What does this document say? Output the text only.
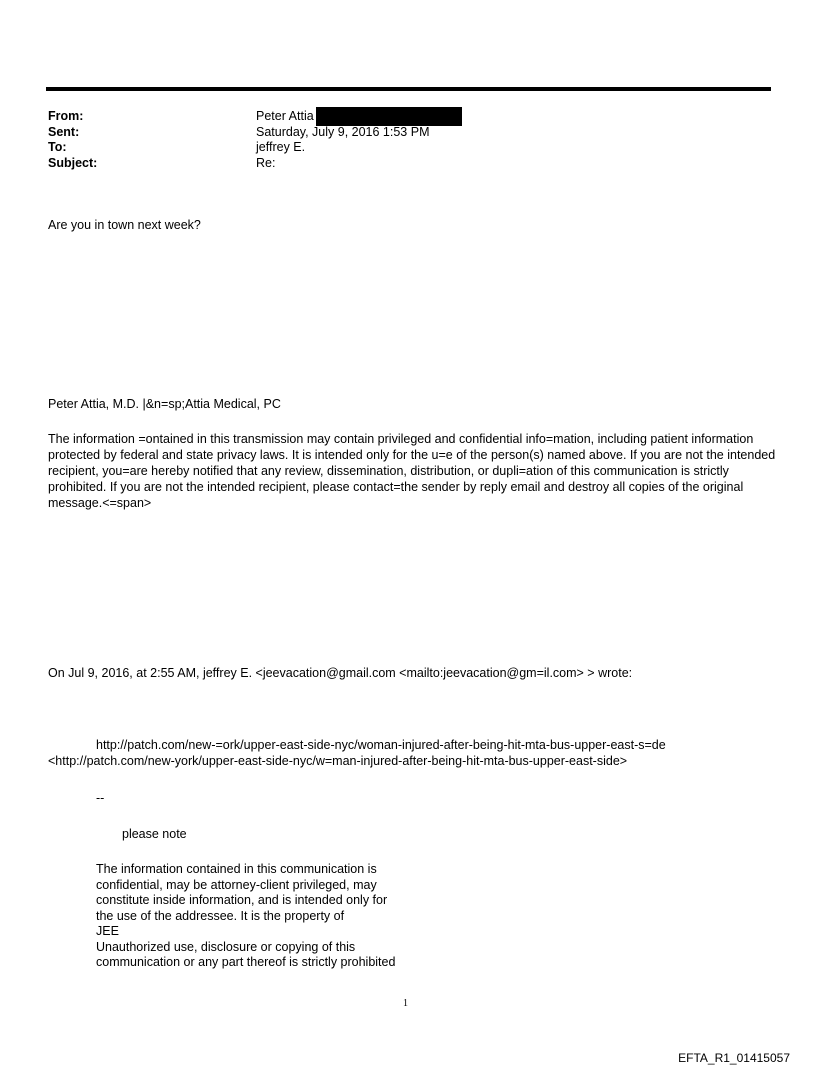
From:	Peter Attia
Sent:	Saturday, July 9, 2016 1:53 PM
To:	jeffrey E.
Subject:	Re:
Are you in town next week?
Peter Attia, M.D. |&n=sp;Attia Medical, PC
The information =ontained in this transmission may contain privileged and confidential info=mation, including patient information protected by federal and state privacy laws. It is intended only for the u=e of the person(s) named above. If you are not the intended recipient, you=are hereby notified that any review, dissemination, distribution, or dupli=ation of this communication is strictly prohibited. If you are not the intended recipient, please contact=the sender by reply email and destroy all copies of the original message.<=span>
On Jul 9, 2016, at 2:55 AM, jeffrey E. <jeevacation@gmail.com <mailto:jeevacation@gm=il.com> > wrote:
http://patch.com/new-=ork/upper-east-side-nyc/woman-injured-after-being-hit-mta-bus-upper-east-s=de
<http://patch.com/new-york/upper-east-side-nyc/w=man-injured-after-being-hit-mta-bus-upper-east-side>
--
please note
The information contained in this communication is
confidential, may be attorney-client privileged, may
constitute inside information, and is intended only for
the use of the addressee. It is the property of
JEE
Unauthorized use, disclosure or copying of this
communication or any part thereof is strictly prohibited
1
EFTA_R1_01415057
